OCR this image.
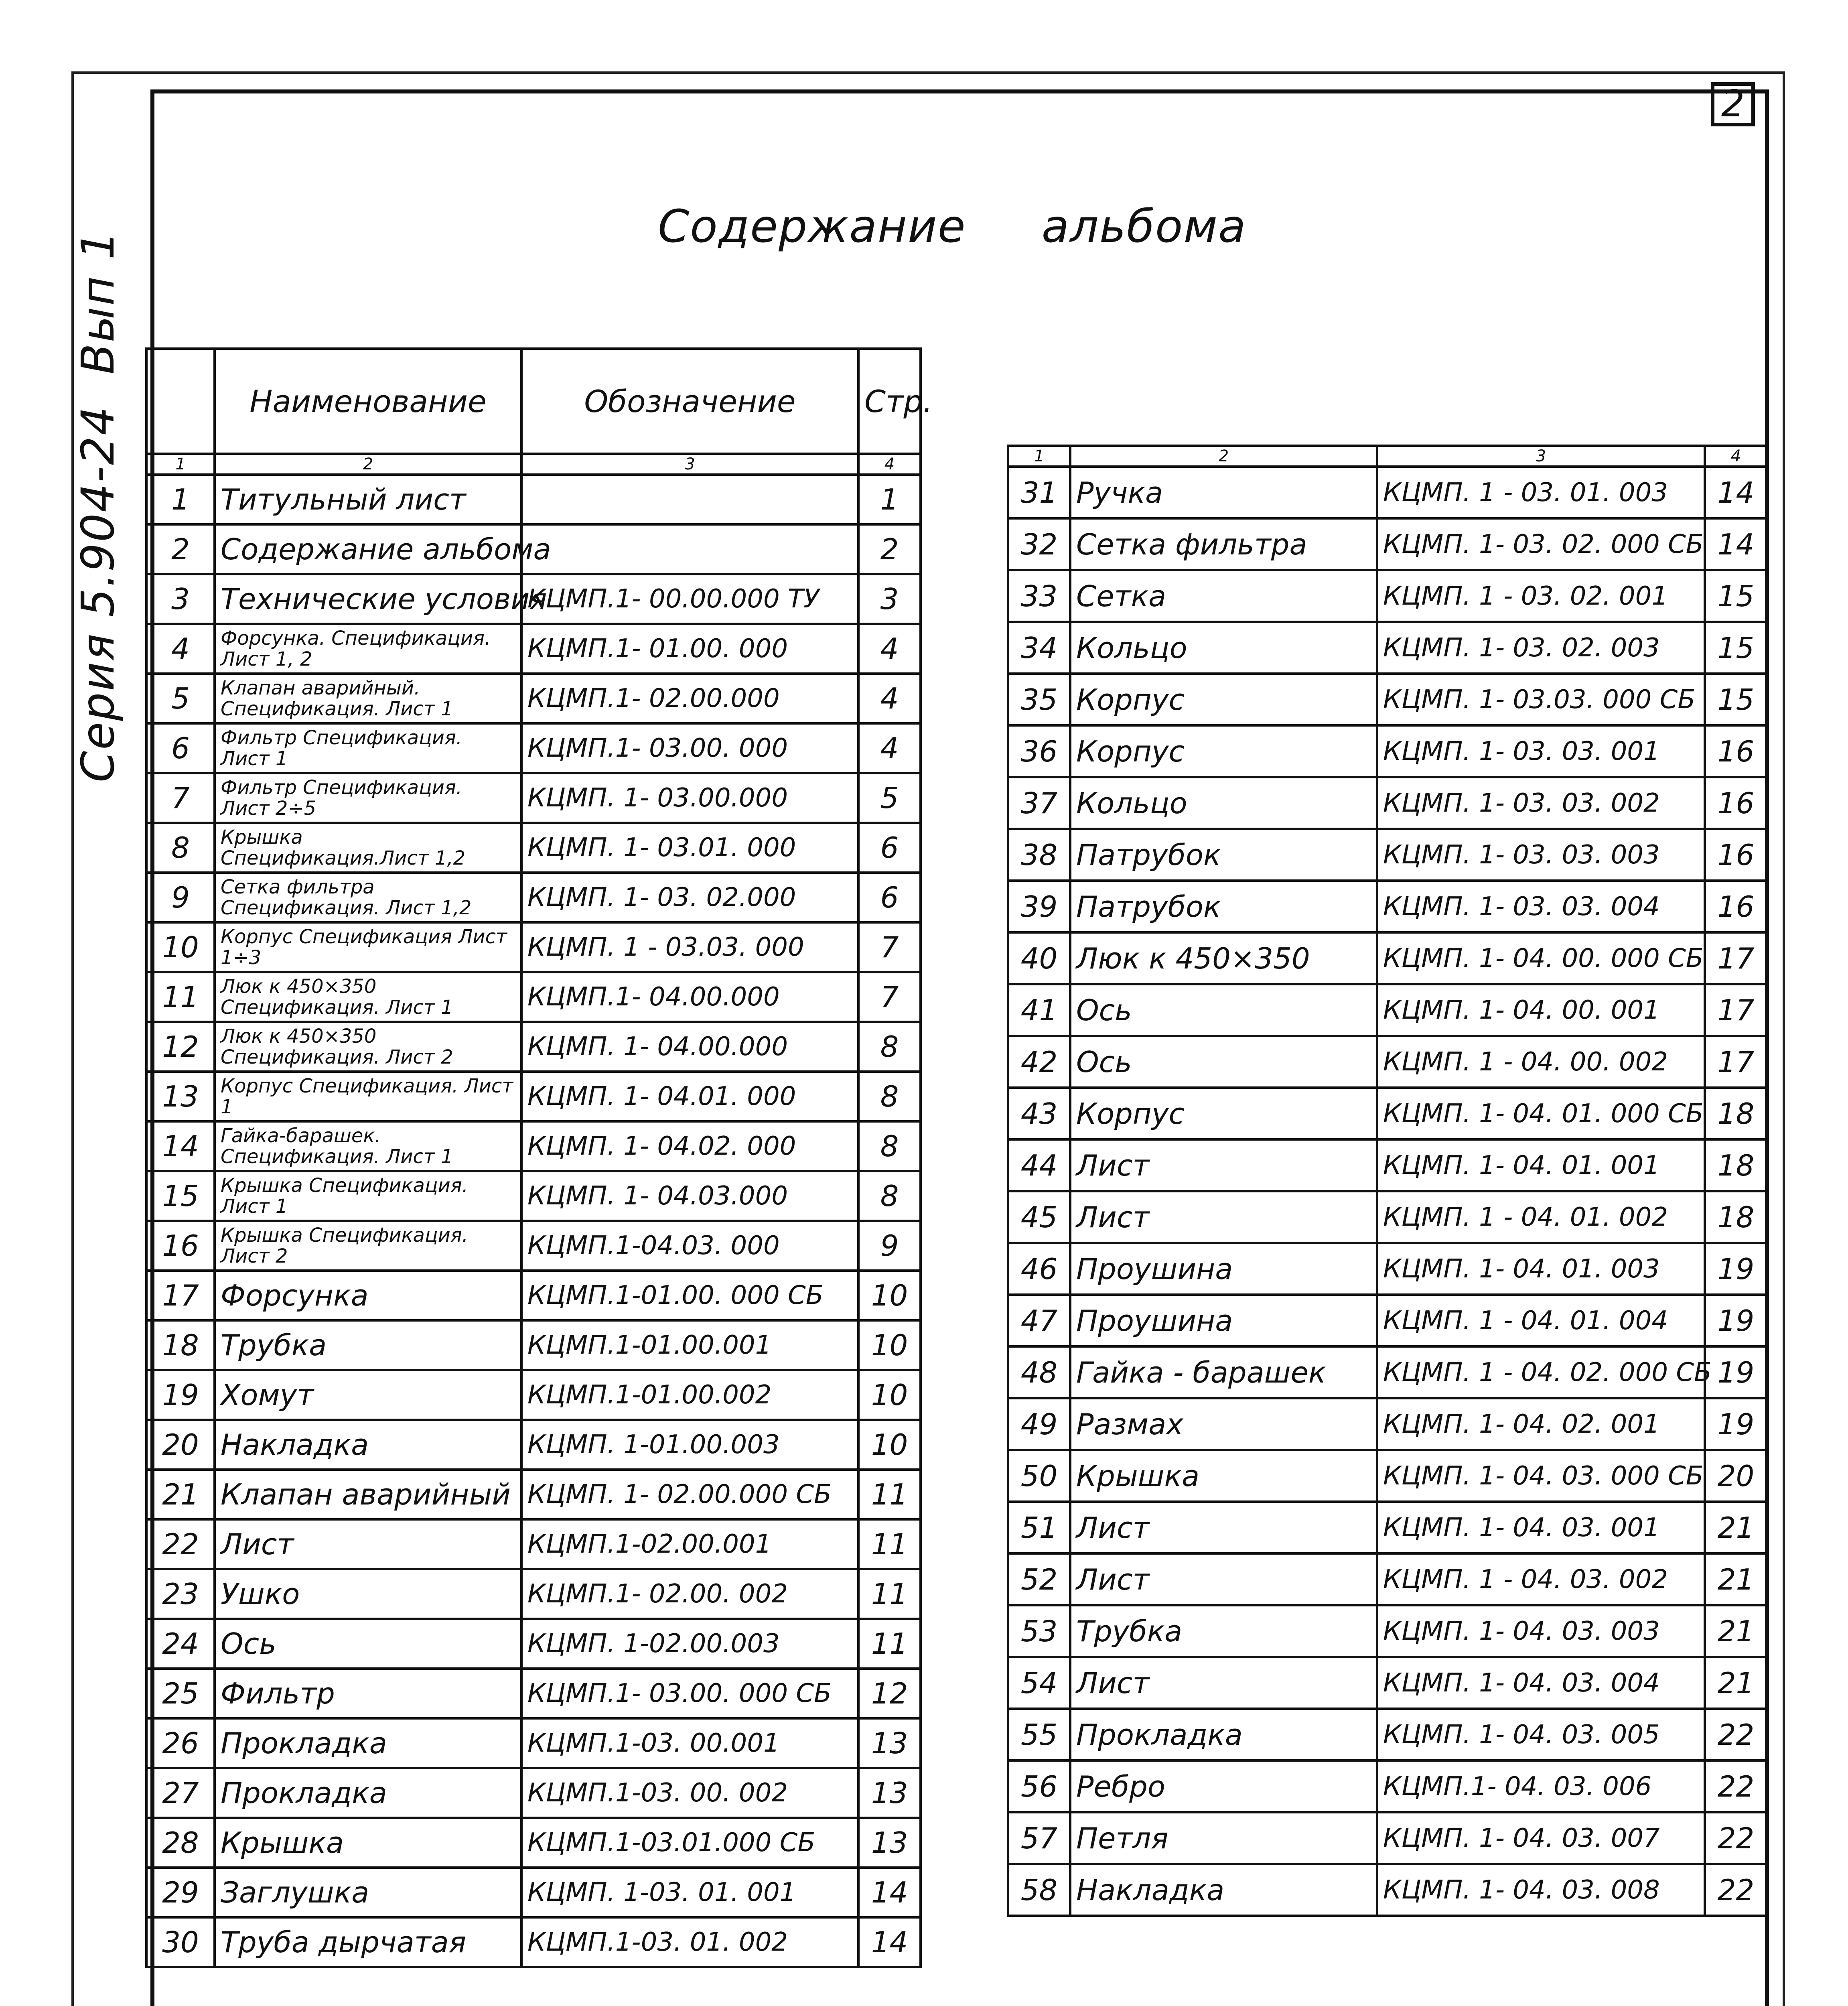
2
Содержание     альбома
Серия 5.904-24  Вып 1
		Наименование	Обозначение	Стр.
1	2	3	4
1	Титульный лист		1
2	Содержание альбома		2
3	Технические условия	КЦМП.1- 00.00.000 ТУ	3
4	Форсунка. Спецификация. Лист 1, 2	КЦМП.1- 01.00. 000	4
5	Клапан аварийный. Спецификация. Лист 1	КЦМП.1- 02.00.000	4
6	Фильтр Спецификация. Лист 1	КЦМП.1- 03.00. 000	4
7	Фильтр Спецификация. Лист 2÷5	КЦМП. 1- 03.00.000	5
8	Крышка Спецификация.Лист 1,2	КЦМП. 1- 03.01. 000	6
9	Сетка фильтра Спецификация. Лист 1,2	КЦМП. 1- 03. 02.000	6
10	Корпус Спецификация Лист 1÷3	КЦМП. 1 - 03.03. 000	7
11	Люк к 450×350 Спецификация. Лист 1	КЦМП.1- 04.00.000	7
12	Люк к 450×350 Спецификация. Лист 2	КЦМП. 1- 04.00.000	8
13	Корпус Спецификация. Лист 1	КЦМП. 1- 04.01. 000	8
14	Гайка-барашек. Спецификация. Лист 1	КЦМП. 1- 04.02. 000	8
15	Крышка Спецификация. Лист 1	КЦМП. 1- 04.03.000	8
16	Крышка Спецификация. Лист 2	КЦМП.1-04.03. 000	9
17	Форсунка	КЦМП.1-01.00. 000 СБ	10
18	Трубка	КЦМП.1-01.00.001	10
19	Хомут	КЦМП.1-01.00.002	10
20	Накладка	КЦМП. 1-01.00.003	10
21	Клапан аварийный	КЦМП. 1- 02.00.000 СБ	11
22	Лист	КЦМП.1-02.00.001	11
23	Ушко	КЦМП.1- 02.00. 002	11
24	Ось	КЦМП. 1-02.00.003	11
25	Фильтр	КЦМП.1- 03.00. 000 СБ	12
26	Прокладка	КЦМП.1-03. 00.001	13
27	Прокладка	КЦМП.1-03. 00. 002	13
28	Крышка	КЦМП.1-03.01.000 СБ	13
29	Заглушка	КЦМП. 1-03. 01. 001	14
30	Труба дырчатая	КЦМП.1-03. 01. 002	14
1	2	3	4
31	Ручка	КЦМП. 1 - 03. 01. 003	14
32	Сетка фильтра	КЦМП. 1- 03. 02. 000 СБ	14
33	Сетка	КЦМП. 1 - 03. 02. 001	15
34	Кольцо	КЦМП. 1- 03. 02. 003	15
35	Корпус	КЦМП. 1- 03.03. 000 СБ	15
36	Корпус	КЦМП. 1- 03. 03. 001	16
37	Кольцо	КЦМП. 1- 03. 03. 002	16
38	Патрубок	КЦМП. 1- 03. 03. 003	16
39	Патрубок	КЦМП. 1- 03. 03. 004	16
40	Люк к 450×350	КЦМП. 1- 04. 00. 000 СБ	17
41	Ось	КЦМП. 1- 04. 00. 001	17
42	Ось	КЦМП. 1 - 04. 00. 002	17
43	Корпус	КЦМП. 1- 04. 01. 000 СБ	18
44	Лист	КЦМП. 1- 04. 01. 001	18
45	Лист	КЦМП. 1 - 04. 01. 002	18
46	Проушина	КЦМП. 1- 04. 01. 003	19
47	Проушина	КЦМП. 1 - 04. 01. 004	19
48	Гайка - барашек	КЦМП. 1 - 04. 02. 000 СБ	19
49	Размах	КЦМП. 1- 04. 02. 001	19
50	Крышка	КЦМП. 1- 04. 03. 000 СБ	20
51	Лист	КЦМП. 1- 04. 03. 001	21
52	Лист	КЦМП. 1 - 04. 03. 002	21
53	Трубка	КЦМП. 1- 04. 03. 003	21
54	Лист	КЦМП. 1- 04. 03. 004	21
55	Прокладка	КЦМП. 1- 04. 03. 005	22
56	Ребро	КЦМП.1- 04. 03. 006	22
57	Петля	КЦМП. 1- 04. 03. 007	22
58	Накладка	КЦМП. 1- 04. 03. 008	22
